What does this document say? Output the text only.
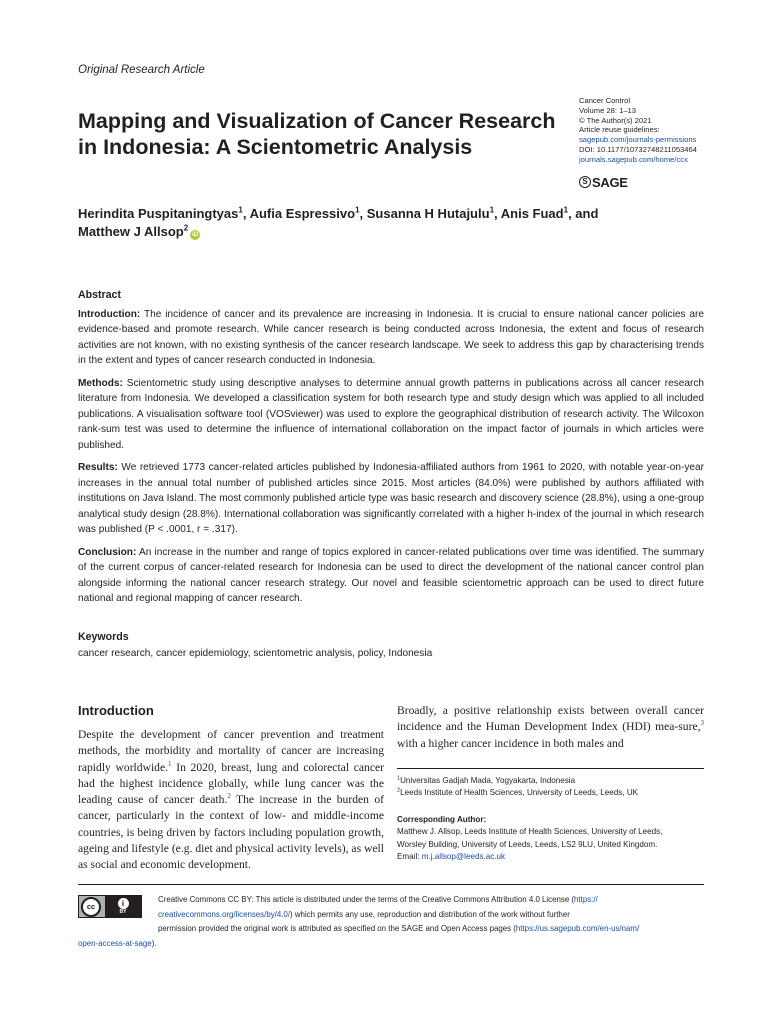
Original Research Article
Mapping and Visualization of Cancer Research in Indonesia: A Scientometric Analysis
Cancer Control
Volume 28: 1–13
© The Author(s) 2021
Article reuse guidelines:
sagepub.com/journals-permissions
DOI: 10.1177/10732748211053464
journals.sagepub.com/home/ccx
S SAGE
Herindita Puspitaningtyas$^1$, Aufia Espressivo$^1$, Susanna H Hutajulu$^1$, Anis Fuad$^1$, and
Matthew J Allsop$^2$iD
Abstract

Introduction: The incidence of cancer and its prevalence are increasing in Indonesia. It is crucial to ensure national cancer policies are evidence-based and promote research. While cancer research is being conducted across Indonesia, the extent and focus of research activities are not known, with no existing synthesis of the cancer research landscape. We seek to address this gap by characterising trends in the extent and types of cancer research conducted in Indonesia.

Methods: Scientometric study using descriptive analyses to determine annual growth patterns in publications across all cancer research literature from Indonesia. We developed a classification system for both research type and study design which was applied to all included publications. A visualisation software tool (VOSviewer) was used to explore the geographical distribution of research activity. The Wilcoxon rank-sum test was used to determine the influence of international collaboration on the impact factor of journals in which articles were published.

Results: We retrieved 1773 cancer-related articles published by Indonesia-affiliated authors from 1961 to 2020, with notable year-on-year increases in the annual total number of published articles since 2015. Most articles (84.0%) were published by authors affiliated with institutions on Java Island. The most commonly published article type was basic research and discovery science (28.8%), using a one-group analytical study design (28.8%). International collaboration was significantly correlated with a higher h-index of the journal in which research was published (P < .0001, r = .317).

Conclusion: An increase in the number and range of topics explored in cancer-related publications over time was identified. The summary of the current corpus of cancer-related research for Indonesia can be used to direct the development of the national cancer control plan alongside informing the national cancer research strategy. Our novel and feasible scientometric approach can be used to direct future national and regional mapping of cancer research.

Keywords
cancer research, cancer epidemiology, scientometric analysis, policy, Indonesia
Introduction
Despite the development of cancer prevention and treatment methods, the morbidity and mortality of cancer are increasing rapidly worldwide.$^1$ In 2020, breast, lung and colorectal cancer had the highest incidence globally, while lung cancer was the leading cause of cancer death.$^2$ The increase in the burden of cancer, particularly in the context of low- and middle-income countries, is being driven by factors including population growth, ageing and lifestyle (e.g. diet and physical activity levels), as well as social and economic development.
Broadly, a positive relationship exists between overall cancer incidence and the Human Development Index (HDI) mea-sure,$^3$ with a higher cancer incidence in both males and
$^1$Universitas Gadjah Mada, Yogyakarta, Indonesia
$^2$Leeds Institute of Health Sciences, University of Leeds, Leeds, UK
Corresponding Author:
Matthew J. Allsop, Leeds Institute of Health Sciences, University of Leeds,
Worsley Building, University of Leeds, Leeds, LS2 9LU, United Kingdom.
Email: m.j.allsop@leeds.ac.uk
cc	i
BY
Creative Commons CC BY: This article is distributed under the terms of the Creative Commons Attribution 4.0 License (https://
creativecommons.org/licenses/by/4.0/) which permits any use, reproduction and distribution of the work without further
permission provided the original work is attributed as specified on the SAGE and Open Access pages (https://us.sagepub.com/en-us/nam/
open-access-at-sage).
